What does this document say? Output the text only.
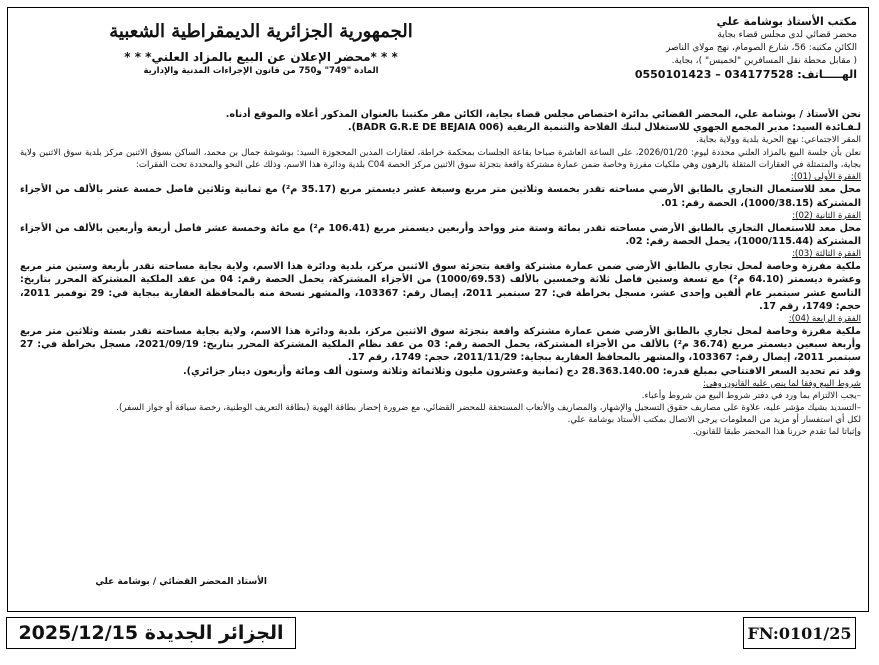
مكتب الأستاذ بوشامة علي
محضر قضائي لدى مجلس قضاء بجاية
الكائن مكتبه: 56، شارع الصومام، نهج مولاي الناصر
( مقابل محطة نقل المسافرين "لخميس" )، بجاية.
الهـــــاتف: 034177528 – 0550101423
الجمهورية الجزائرية الديمقراطية الشعبية
* * *محضر الإعلان عن البيع بالمزاد العلني* * *
المادة "749" و750 من قانون الإجراءات المدنية والإدارية

نحن الأستاذ / بوشامة علي، المحضر القضائي بدائرة اختصاص مجلس قضاء بجاية، الكائن مقر مكتبنا بالعنوان المذكور أعلاه والموقع أدناه.

لـفـائدة السيد: مدير المجمع الجهوي للاستغلال لبنك الفلاحة والتنمية الريفية (BADR G.R.E DE BEJAIA 006).

المقر الاجتماعي: نهج الحرية بلدية وولاية بجاية.

نعلن بأن جلسة البيع بالمزاد العلني محددة ليوم: 2026/01/20، على الساعة العاشرة صباحا بقاعة الجلسات بمحكمة خراطة، لعقارات المدين المحجوزة السيد: بوشوشة جمال بن محمد، الساكن بسوق الاثنين مركز بلدية سوق الاثنين ولاية بجاية، والمتمثلة في العقارات المثقلة بالرهون وهي ملكيات مفرزة وخاصة ضمن عمارة مشتركة واقعة بتجزئة سوق الاثنين مركز الحصة C04 بلدية ودائرة هذا الاسم، وذلك على النحو والمحددة تحت الفقرات:

الفقرة الأولى (01):

محل معد للاستعمال التجاري بالطابق الأرضي مساحته تقدر بخمسة وثلاثين متر مربع وسبعة عشر ديسمتر مربع (35.17 م²) مع ثمانية وثلاثين فاصل خمسة عشر بالألف من الأجزاء المشتركة (1000/38.15)، الحصة رقم: 01.

الفقرة الثانية (02):

محل معد للاستعمال التجاري بالطابق الأرضي مساحته تقدر بمائة وستة متر وواحد وأربعين ديسمتر مربع (106.41 م²) مع مائة وخمسة عشر فاصل أربعة وأربعين بالألف من الأجزاء المشتركة (1000/115.44)، يحمل الحصة رقم: 02.

الفقرة الثالثة (03):

ملكية مفرزة وخاصة لمحل تجاري بالطابق الأرضي ضمن عمارة مشتركة واقعة بتجزئة سوق الاثنين مركز، بلدية ودائرة هذا الاسم، ولاية بجاية مساحته تقدر بأربعة وستين متر مربع وعشرة ديسمتر (64.10 م²) مع تسعة وستين فاصل ثلاثة وخمسين بالألف (1000/69.53) من الأجزاء المشتركة، يحمل الحصة رقم: 04 من عقد الملكية المشتركة المحرر بتاريخ: التاسع عشر سبتمبر عام ألفين وإحدى عشر، مسجل بخراطة في: 27 سبتمبر 2011، إيصال رقم: 103367، والمشهر نسخة منه بالمحافظة العقارية ببجاية في: 29 نوفمبر 2011، حجم: 1749، رقم 17.

الفقرة الرابعة (04):

ملكية مفرزة وخاصة لمحل تجاري بالطابق الأرضي ضمن عمارة مشتركة واقعة بتجزئة سوق الاثنين مركز، بلدية ودائرة هذا الاسم، ولاية بجاية مساحته تقدر بستة وثلاثين متر مربع وأربعة سبعين ديسمتر مربع (36.74 م²) بالألف من الأجزاء المشتركة، يحمل الحصة رقم: 03 من عقد نظام الملكية المشتركة المحرر بتاريخ: 2021/09/19، مسجل بخراطة في: 27 سبتمبر 2011، إيصال رقم: 103367، والمشهر بالمحافظ العقارية ببجاية: 2011/11/29، حجم: 1749، رقم 17.

وقد تم تحديد السعر الافتتاحي بمبلغ قدره: 28.363.140.00 دج (ثمانية وعشرون مليون وثلاثمائة وثلاثة وستون ألف ومائة وأربعون دينار جزائري).

شروط البيع وفقا لما ينص عليه القانون وهي:

–يجب الالتزام بما ورد في دفتر شروط البيع من شروط وأعباء.

–التسديد بشيك مؤشر عليه، علاوة على مصاريف حقوق التسجيل والإشهار، والمصاريف والأتعاب المستحقة للمحضر القضائي، مع ضرورة إحضار بطاقة الهوية (بطاقة التعريف الوطنية، رخصة سياقة أو جواز السفر).

لكل أي استفسار أو مزيد من المعلومات يرجى الاتصال بمكتب الأستاذ بوشامة علي.

وإثباتا لما تقدم حررنا هذا المحضر طبقا للقانون.

الأستاذ المحضر القضائي / بوشامة علي
الجزائر الجديدة 2025/12/15	FN:0101/25
